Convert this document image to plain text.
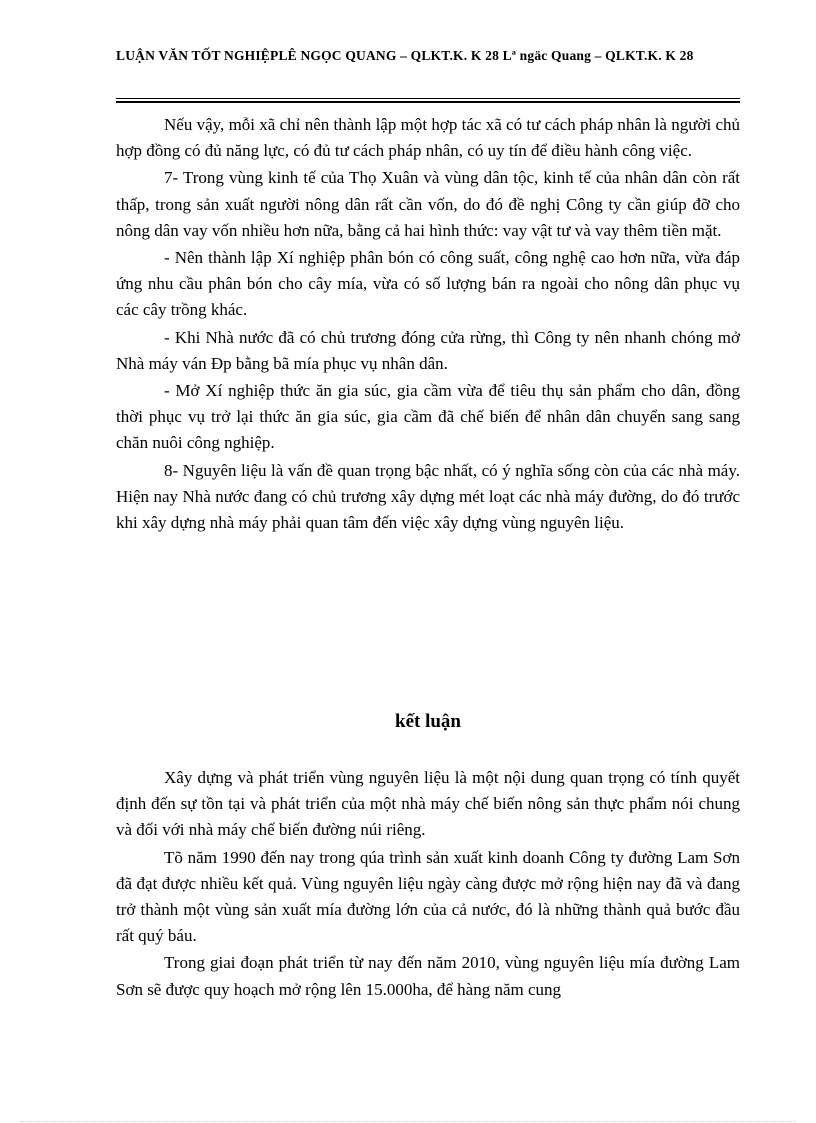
LUẬN VĂN TỐT NGHIỆPLÊ NGỌC QUANG – QLKT.K. K 28 Lª ngäc Quang – QLKT.K. K 28

Nếu vậy, mỗi xã chỉ nên thành lập một hợp tác xã có tư cách pháp nhân là người chủ hợp đồng có đủ năng lực, có đủ tư cách pháp nhân, có uy tín để điều hành công việc.

7- Trong vùng kinh tế của Thọ Xuân và vùng dân tộc, kinh tế của nhân dân còn rất thấp, trong sản xuất người nông dân rất cần vốn, do đó đề nghị Công ty cần giúp đỡ cho nông dân vay vốn nhiều hơn nữa, bằng cả hai hình thức: vay vật tư và vay thêm tiền mặt.

- Nên thành lập Xí nghiệp phân bón có công suất, công nghệ cao hơn nữa, vừa đáp ứng nhu cầu phân bón cho cây mía, vừa có số lượng bán ra ngoài cho nông dân phục vụ các cây trồng khác.

- Khi Nhà nước đã có chủ trương đóng cửa rừng, thì Công ty nên nhanh chóng mở Nhà máy ván Đp bằng bã mía phục vụ nhân dân.

- Mở Xí nghiệp thức ăn gia súc, gia cầm vừa để tiêu thụ sản phẩm cho dân, đồng thời phục vụ trở lại thức ăn gia súc, gia cầm đã chế biến để nhân dân chuyển sang sang chăn nuôi công nghiệp.

8- Nguyên liệu là vấn đề quan trọng bậc nhất, có ý nghĩa sống còn của các nhà máy. Hiện nay Nhà nước đang có chủ trương xây dựng mét loạt các nhà máy đường, do đó trước khi xây dựng nhà máy phải quan tâm đến việc xây dựng vùng nguyên liệu.

kết luận

Xây dựng và phát triển vùng nguyên liệu là một nội dung quan trọng có tính quyết định đến sự tồn tại và phát triển của một nhà máy chế biến nông sản thực phẩm nói chung và đối với nhà máy chế biến đường núi riêng.

Tõ năm 1990 đến nay trong qúa trình sản xuất kinh doanh Công ty đường Lam Sơn đã đạt được nhiều kết quả. Vùng nguyên liệu ngày càng được mở rộng hiện nay đã và đang trở thành một vùng sản xuất mía đường lớn của cả nước, đó là những thành quả bước đầu rất quý báu.

Trong giai đoạn phát triển từ nay đến năm 2010, vùng nguyên liệu mía đường Lam Sơn sẽ được quy hoạch mở rộng lên 15.000ha, để hàng năm cung
